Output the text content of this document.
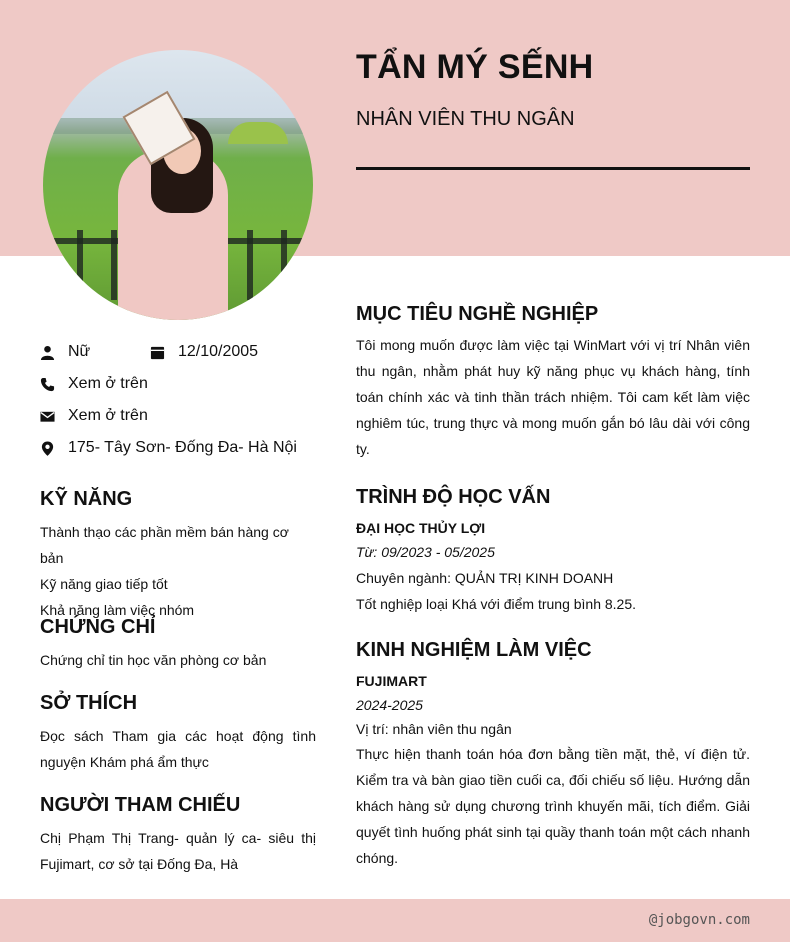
TẨN MÝ SẾNH
NHÂN VIÊN THU NGÂN
Nữ	12/10/2005
Xem ở trên
Xem ở trên
175- Tây Sơn- Đống Đa- Hà Nội
KỸ NĂNG
Thành thạo các phần mềm bán hàng cơ bản
Kỹ năng giao tiếp tốt
Khả năng làm việc nhóm
CHỨNG CHỈ
Chứng chỉ tin học văn phòng cơ bản
SỞ THÍCH
Đọc sách Tham gia các hoạt động tình nguyện Khám phá ẩm thực
NGƯỜI THAM CHIẾU
Chị Phạm Thị Trang- quản lý ca- siêu thị Fujimart, cơ sở tại Đống Đa, Hà
MỤC TIÊU NGHỀ NGHIỆP
Tôi mong muốn được làm việc tại WinMart với vị trí Nhân viên thu ngân, nhằm phát huy kỹ năng phục vụ khách hàng, tính toán chính xác và tinh thần trách nhiệm. Tôi cam kết làm việc nghiêm túc, trung thực và mong muốn gắn bó lâu dài với công ty.
TRÌNH ĐỘ HỌC VẤN
ĐẠI HỌC THỦY LỢI
Từ: 09/2023 - 05/2025
Chuyên ngành: QUẢN TRỊ KINH DOANH
Tốt nghiệp loại Khá với điểm trung bình 8.25.
KINH NGHIỆM LÀM VIỆC
FUJIMART
2024-2025
Vị trí: nhân viên thu ngân
Thực hiện thanh toán hóa đơn bằng tiền mặt, thẻ, ví điện tử. Kiểm tra và bàn giao tiền cuối ca, đối chiếu số liệu. Hướng dẫn khách hàng sử dụng chương trình khuyến mãi, tích điểm. Giải quyết tình huống phát sinh tại quầy thanh toán một cách nhanh chóng.
@jobgovn.com
